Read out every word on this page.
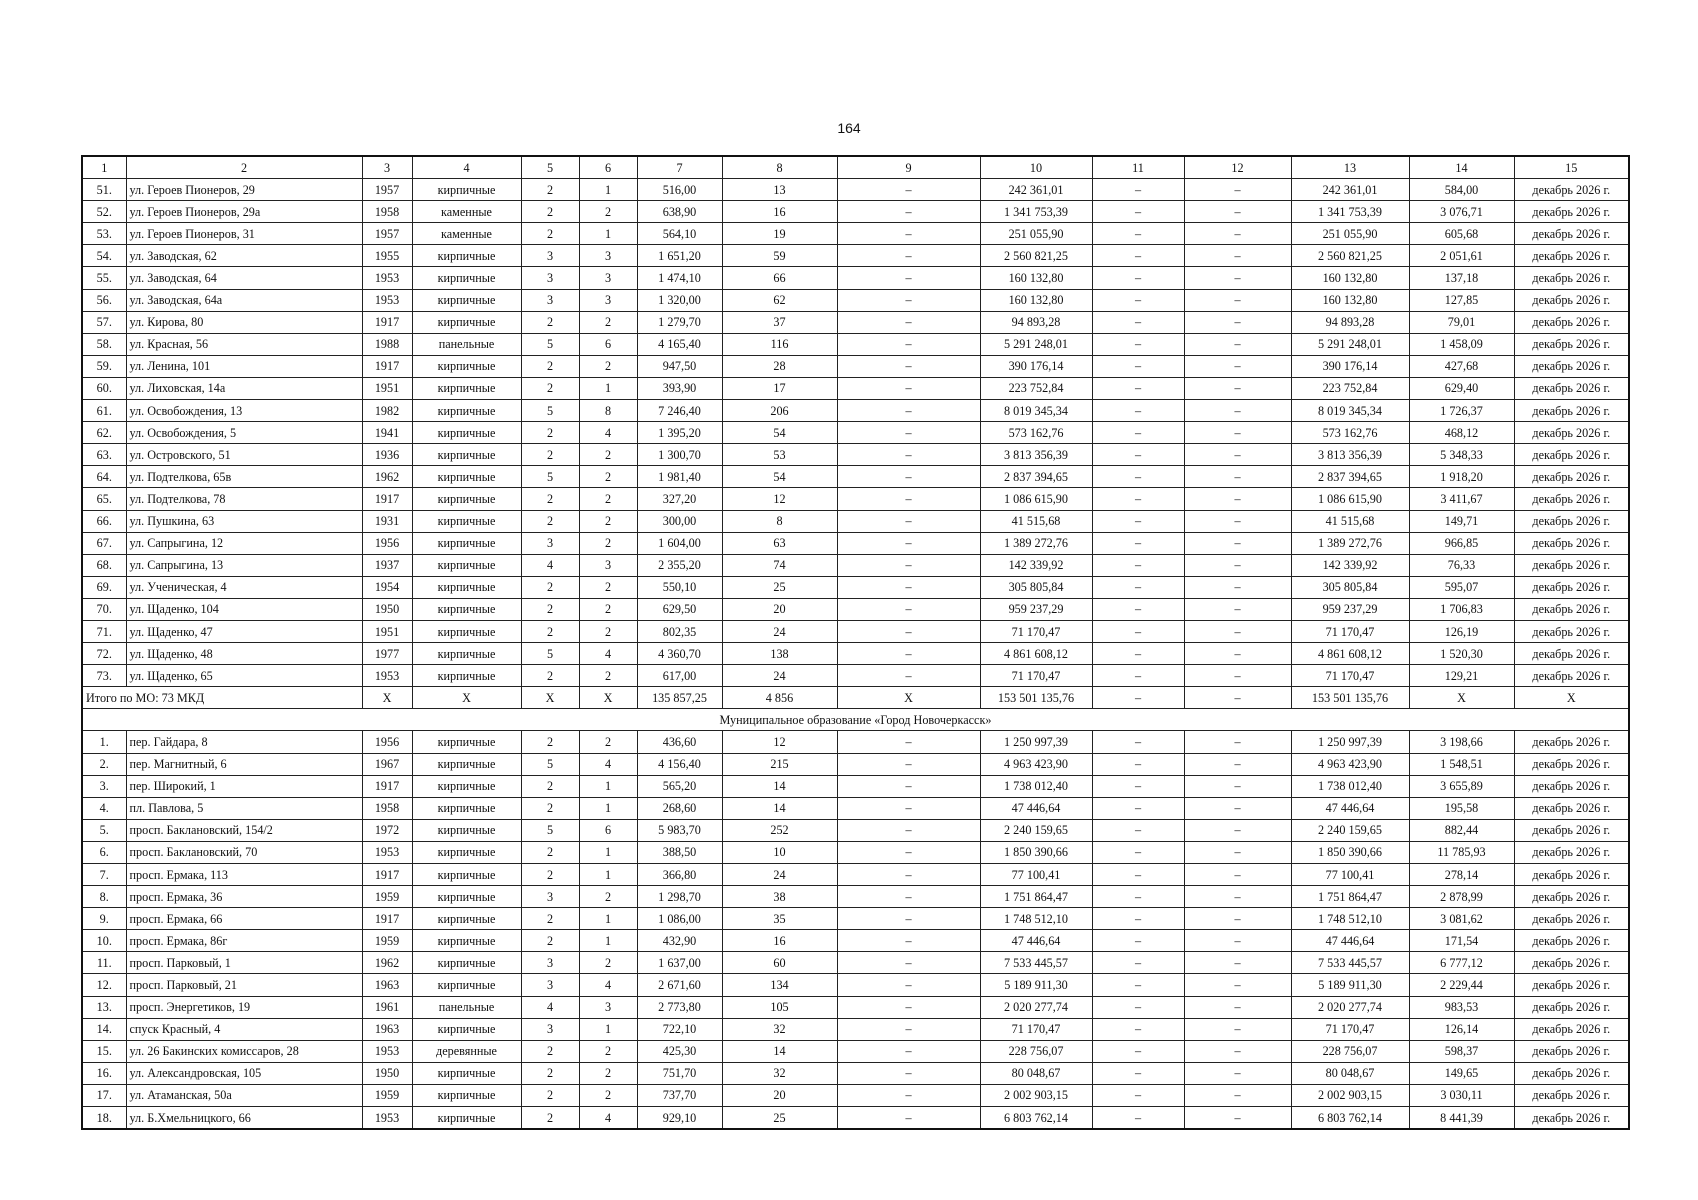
164
1	2	3	4	5	6	7	8	9	10	11	12	13	14	15
51.	ул. Героев Пионеров, 29	1957	кирпичные	2	1	516,00	13	–	242 361,01	–	–	242 361,01	584,00	декабрь 2026 г.
52.	ул. Героев Пионеров, 29а	1958	каменные	2	2	638,90	16	–	1 341 753,39	–	–	1 341 753,39	3 076,71	декабрь 2026 г.
53.	ул. Героев Пионеров, 31	1957	каменные	2	1	564,10	19	–	251 055,90	–	–	251 055,90	605,68	декабрь 2026 г.
54.	ул. Заводская, 62	1955	кирпичные	3	3	1 651,20	59	–	2 560 821,25	–	–	2 560 821,25	2 051,61	декабрь 2026 г.
55.	ул. Заводская, 64	1953	кирпичные	3	3	1 474,10	66	–	160 132,80	–	–	160 132,80	137,18	декабрь 2026 г.
56.	ул. Заводская, 64а	1953	кирпичные	3	3	1 320,00	62	–	160 132,80	–	–	160 132,80	127,85	декабрь 2026 г.
57.	ул. Кирова, 80	1917	кирпичные	2	2	1 279,70	37	–	94 893,28	–	–	94 893,28	79,01	декабрь 2026 г.
58.	ул. Красная, 56	1988	панельные	5	6	4 165,40	116	–	5 291 248,01	–	–	5 291 248,01	1 458,09	декабрь 2026 г.
59.	ул. Ленина, 101	1917	кирпичные	2	2	947,50	28	–	390 176,14	–	–	390 176,14	427,68	декабрь 2026 г.
60.	ул. Лиховская, 14а	1951	кирпичные	2	1	393,90	17	–	223 752,84	–	–	223 752,84	629,40	декабрь 2026 г.
61.	ул. Освобождения, 13	1982	кирпичные	5	8	7 246,40	206	–	8 019 345,34	–	–	8 019 345,34	1 726,37	декабрь 2026 г.
62.	ул. Освобождения, 5	1941	кирпичные	2	4	1 395,20	54	–	573 162,76	–	–	573 162,76	468,12	декабрь 2026 г.
63.	ул. Островского, 51	1936	кирпичные	2	2	1 300,70	53	–	3 813 356,39	–	–	3 813 356,39	5 348,33	декабрь 2026 г.
64.	ул. Подтелкова, 65в	1962	кирпичные	5	2	1 981,40	54	–	2 837 394,65	–	–	2 837 394,65	1 918,20	декабрь 2026 г.
65.	ул. Подтелкова, 78	1917	кирпичные	2	2	327,20	12	–	1 086 615,90	–	–	1 086 615,90	3 411,67	декабрь 2026 г.
66.	ул. Пушкина, 63	1931	кирпичные	2	2	300,00	8	–	41 515,68	–	–	41 515,68	149,71	декабрь 2026 г.
67.	ул. Сапрыгина, 12	1956	кирпичные	3	2	1 604,00	63	–	1 389 272,76	–	–	1 389 272,76	966,85	декабрь 2026 г.
68.	ул. Сапрыгина, 13	1937	кирпичные	4	3	2 355,20	74	–	142 339,92	–	–	142 339,92	76,33	декабрь 2026 г.
69.	ул. Ученическая, 4	1954	кирпичные	2	2	550,10	25	–	305 805,84	–	–	305 805,84	595,07	декабрь 2026 г.
70.	ул. Щаденко, 104	1950	кирпичные	2	2	629,50	20	–	959 237,29	–	–	959 237,29	1 706,83	декабрь 2026 г.
71.	ул. Щаденко, 47	1951	кирпичные	2	2	802,35	24	–	71 170,47	–	–	71 170,47	126,19	декабрь 2026 г.
72.	ул. Щаденко, 48	1977	кирпичные	5	4	4 360,70	138	–	4 861 608,12	–	–	4 861 608,12	1 520,30	декабрь 2026 г.
73.	ул. Щаденко, 65	1953	кирпичные	2	2	617,00	24	–	71 170,47	–	–	71 170,47	129,21	декабрь 2026 г.
Итого по МО: 73 МКД		X	X	X	X	135 857,25	4 856	X	153 501 135,76	–	–	153 501 135,76	X	X
Муниципальное образование «Город Новочеркасск»														
1.	пер. Гайдара, 8	1956	кирпичные	2	2	436,60	12	–	1 250 997,39	–	–	1 250 997,39	3 198,66	декабрь 2026 г.
2.	пер. Магнитный, 6	1967	кирпичные	5	4	4 156,40	215	–	4 963 423,90	–	–	4 963 423,90	1 548,51	декабрь 2026 г.
3.	пер. Широкий, 1	1917	кирпичные	2	1	565,20	14	–	1 738 012,40	–	–	1 738 012,40	3 655,89	декабрь 2026 г.
4.	пл. Павлова, 5	1958	кирпичные	2	1	268,60	14	–	47 446,64	–	–	47 446,64	195,58	декабрь 2026 г.
5.	просп. Баклановский, 154/2	1972	кирпичные	5	6	5 983,70	252	–	2 240 159,65	–	–	2 240 159,65	882,44	декабрь 2026 г.
6.	просп. Баклановский, 70	1953	кирпичные	2	1	388,50	10	–	1 850 390,66	–	–	1 850 390,66	11 785,93	декабрь 2026 г.
7.	просп. Ермака, 113	1917	кирпичные	2	1	366,80	24	–	77 100,41	–	–	77 100,41	278,14	декабрь 2026 г.
8.	просп. Ермака, 36	1959	кирпичные	3	2	1 298,70	38	–	1 751 864,47	–	–	1 751 864,47	2 878,99	декабрь 2026 г.
9.	просп. Ермака, 66	1917	кирпичные	2	1	1 086,00	35	–	1 748 512,10	–	–	1 748 512,10	3 081,62	декабрь 2026 г.
10.	просп. Ермака, 86г	1959	кирпичные	2	1	432,90	16	–	47 446,64	–	–	47 446,64	171,54	декабрь 2026 г.
11.	просп. Парковый, 1	1962	кирпичные	3	2	1 637,00	60	–	7 533 445,57	–	–	7 533 445,57	6 777,12	декабрь 2026 г.
12.	просп. Парковый, 21	1963	кирпичные	3	4	2 671,60	134	–	5 189 911,30	–	–	5 189 911,30	2 229,44	декабрь 2026 г.
13.	просп. Энергетиков, 19	1961	панельные	4	3	2 773,80	105	–	2 020 277,74	–	–	2 020 277,74	983,53	декабрь 2026 г.
14.	спуск Красный, 4	1963	кирпичные	3	1	722,10	32	–	71 170,47	–	–	71 170,47	126,14	декабрь 2026 г.
15.	ул. 26 Бакинских комиссаров, 28	1953	деревянные	2	2	425,30	14	–	228 756,07	–	–	228 756,07	598,37	декабрь 2026 г.
16.	ул. Александровская, 105	1950	кирпичные	2	2	751,70	32	–	80 048,67	–	–	80 048,67	149,65	декабрь 2026 г.
17.	ул. Атаманская, 50а	1959	кирпичные	2	2	737,70	20	–	2 002 903,15	–	–	2 002 903,15	3 030,11	декабрь 2026 г.
18.	ул. Б.Хмельницкого, 66	1953	кирпичные	2	4	929,10	25	–	6 803 762,14	–	–	6 803 762,14	8 441,39	декабрь 2026 г.
